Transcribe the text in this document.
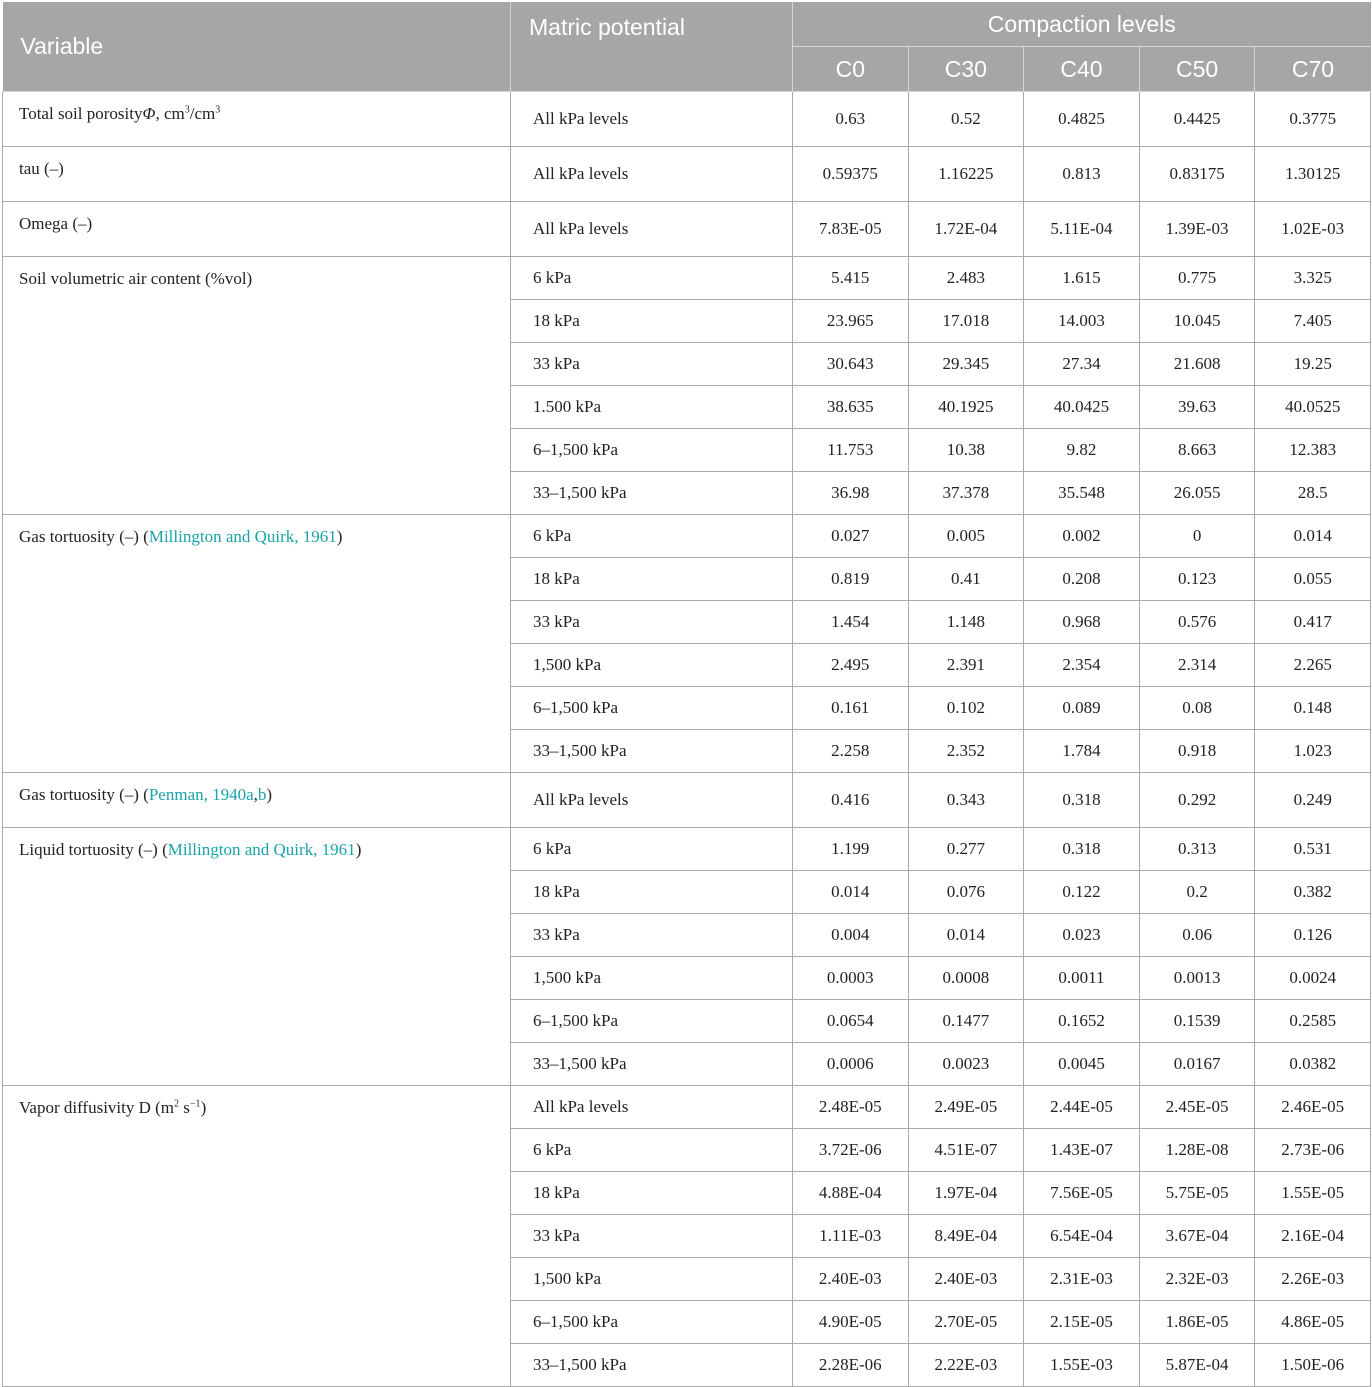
Variable	Matric potential	Compaction levels				
		C0	C30	C40	C50	C70
Total soil porosityΦ, $cm^3/cm^3$	All kPa levels	0.63	0.52	0.4825	0.4425	0.3775
tau (–)	All kPa levels	0.59375	1.16225	0.813	0.83175	1.30125
Omega (–)	All kPa levels	7.83E-05	1.72E-04	5.11E-04	1.39E-03	1.02E-03
Soil volumetric air content (%vol)	6 kPa	5.415	2.483	1.615	0.775	3.325
	18 kPa	23.965	17.018	14.003	10.045	7.405
	33 kPa	30.643	29.345	27.34	21.608	19.25
	1.500 kPa	38.635	40.1925	40.0425	39.63	40.0525
	6–1,500 kPa	11.753	10.38	9.82	8.663	12.383
	33–1,500 kPa	36.98	37.378	35.548	26.055	28.5
Gas tortuosity (–) (Millington and Quirk, 1961)	6 kPa	0.027	0.005	0.002	0	0.014
	18 kPa	0.819	0.41	0.208	0.123	0.055
	33 kPa	1.454	1.148	0.968	0.576	0.417
	1,500 kPa	2.495	2.391	2.354	2.314	2.265
	6–1,500 kPa	0.161	0.102	0.089	0.08	0.148
	33–1,500 kPa	2.258	2.352	1.784	0.918	1.023
Gas tortuosity (–) (Penman, 1940a,b)	All kPa levels	0.416	0.343	0.318	0.292	0.249
Liquid tortuosity (–) (Millington and Quirk, 1961)	6 kPa	1.199	0.277	0.318	0.313	0.531
	18 kPa	0.014	0.076	0.122	0.2	0.382
	33 kPa	0.004	0.014	0.023	0.06	0.126
	1,500 kPa	0.0003	0.0008	0.0011	0.0013	0.0024
	6–1,500 kPa	0.0654	0.1477	0.1652	0.1539	0.2585
	33–1,500 kPa	0.0006	0.0023	0.0045	0.0167	0.0382
Vapor diffusivity D ($m^2$ $s^{-1}$)	All kPa levels	2.48E-05	2.49E-05	2.44E-05	2.45E-05	2.46E-05
	6 kPa	3.72E-06	4.51E-07	1.43E-07	1.28E-08	2.73E-06
	18 kPa	4.88E-04	1.97E-04	7.56E-05	5.75E-05	1.55E-05
	33 kPa	1.11E-03	8.49E-04	6.54E-04	3.67E-04	2.16E-04
	1,500 kPa	2.40E-03	2.40E-03	2.31E-03	2.32E-03	2.26E-03
	6–1,500 kPa	4.90E-05	2.70E-05	2.15E-05	1.86E-05	4.86E-05
	33–1,500 kPa	2.28E-06	2.22E-03	1.55E-03	5.87E-04	1.50E-06
